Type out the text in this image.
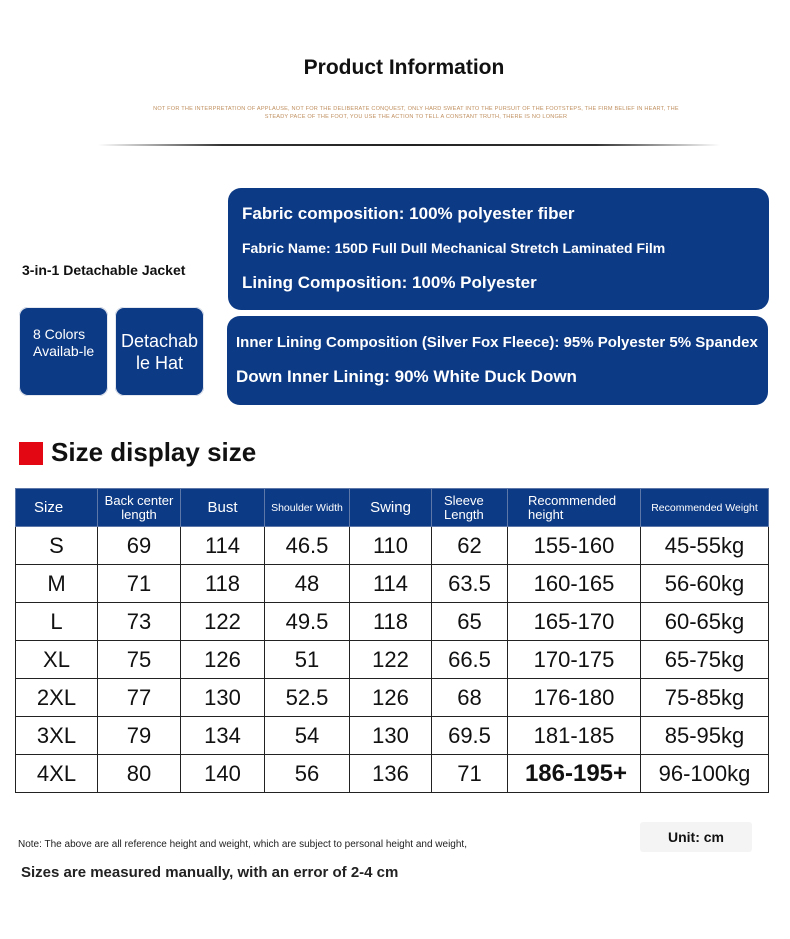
Product Information
NOT FOR THE INTERPRETATION OF APPLAUSE, NOT FOR THE DELIBERATE CONQUEST, ONLY HARD SWEAT INTO THE PURSUIT OF THE FOOTSTEPS, THE FIRM BELIEF IN HEART, THE STEADY PACE OF THE FOOT, YOU USE THE ACTION TO TELL A CONSTANT TRUTH, THERE IS NO LONGER
3-in-1 Detachable Jacket
8 Colors Availab-le	Detachab le Hat
Fabric composition: 100% polyester fiber
Fabric Name: 150D Full Dull Mechanical Stretch Laminated Film
Lining Composition: 100% Polyester
Inner Lining Composition (Silver Fox Fleece): 95% Polyester 5% Spandex
Down Inner Lining: 90% White Duck Down
Size display size
Size	Back center length	Bust	Shoulder Width	Swing	Sleeve Length	Recommended height	Recommended Weight
S	69	114	46.5	110	62	155-160	45-55kg
M	71	118	48	114	63.5	160-165	56-60kg
L	73	122	49.5	118	65	165-170	60-65kg
XL	75	126	51	122	66.5	170-175	65-75kg
2XL	77	130	52.5	126	68	176-180	75-85kg
3XL	79	134	54	130	69.5	181-185	85-95kg
4XL	80	140	56	136	71	186-195+	96-100kg
Note: The above are all reference height and weight, which are subject to personal height and weight,	Unit: cm
Sizes are measured manually, with an error of 2-4 cm
